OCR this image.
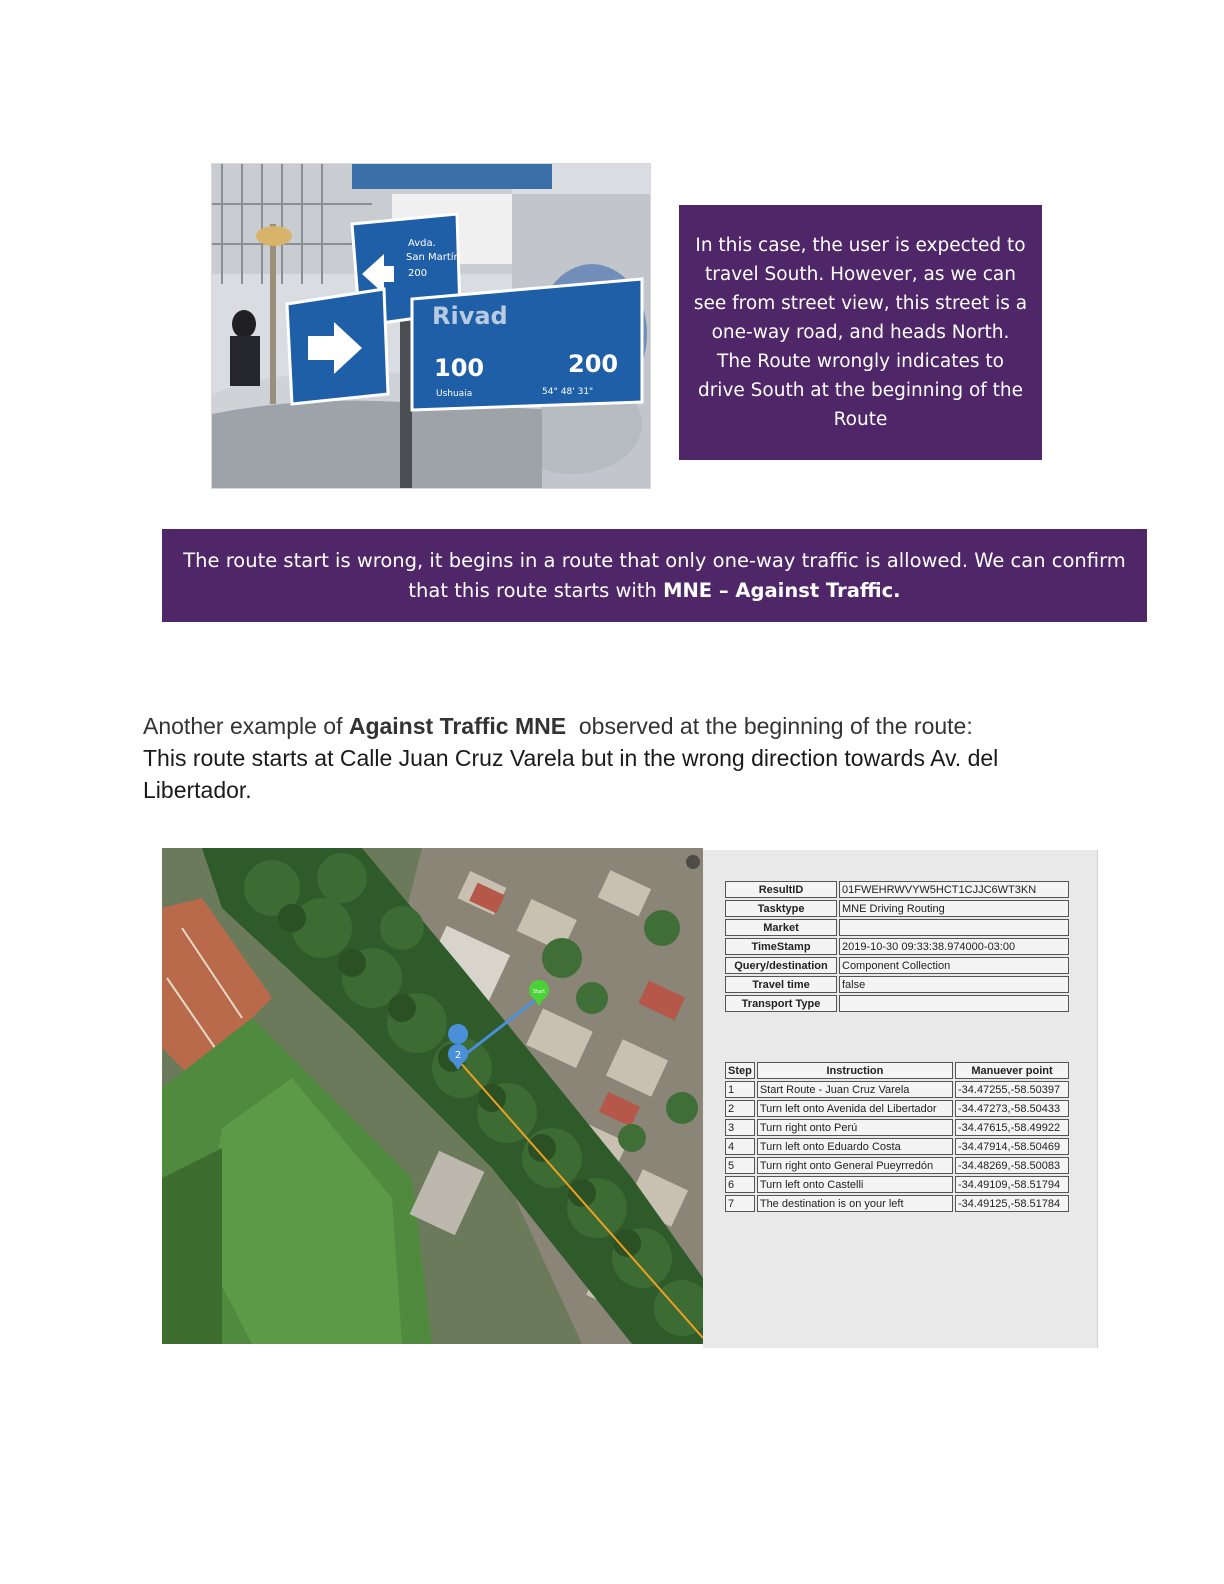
Avda.
San Martín
200
Rivad
100	200
Ushuaia	54° 48' 31"

In this case, the user is expected to travel South. However, as we can see from street view, this street is a one-way road, and heads North. The Route wrongly indicates to drive South at the beginning of the Route

The route start is wrong, it begins in a route that only one-way traffic is allowed. We can confirm that this route starts with MNE – Against Traffic.

Another example of Against Traffic MNE  observed at the beginning of the route:
This route starts at Calle Juan Cruz Varela but in the wrong direction towards Av. del Libertador.
2
Start
ResultID	01FWEHRWVYW5HCT1CJJC6WT3KN
Tasktype	MNE Driving Routing
Market	
TimeStamp	2019-10-30 09:33:38.974000-03:00
Query/destination	Component Collection
Travel time	false
Transport Type	
Step	Instruction	Manuever point
1	Start Route - Juan Cruz Varela	-34.47255,-58.50397
2	Turn left onto Avenida del Libertador	-34.47273,-58.50433
3	Turn right onto Perú	-34.47615,-58.49922
4	Turn left onto Eduardo Costa	-34.47914,-58.50469
5	Turn right onto General Pueyrredón	-34.48269,-58.50083
6	Turn left onto Castelli	-34.49109,-58.51794
7	The destination is on your left	-34.49125,-58.51784
